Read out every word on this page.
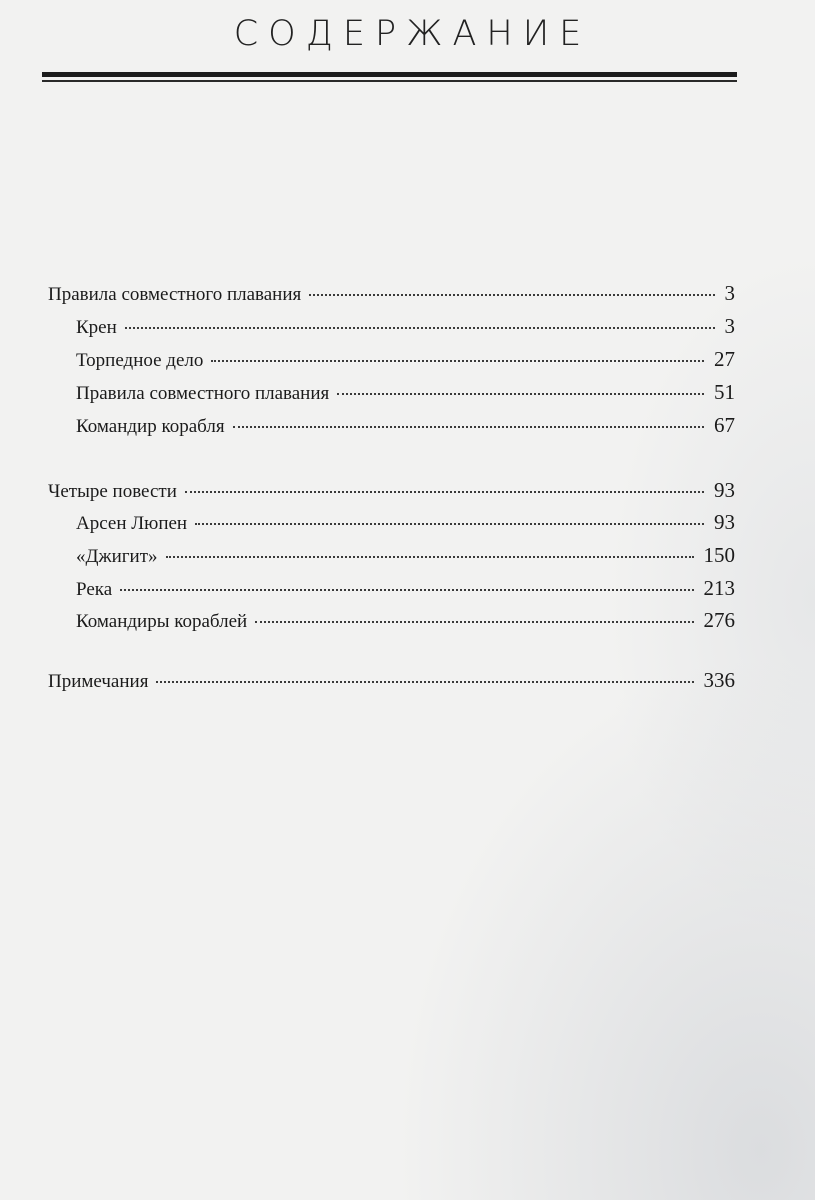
СОДЕРЖАНИЕ
Правила совместного плавания	3
Крен	3
Торпедное дело	27
Правила совместного плавания	51
Командир корабля	67
Четыре повести	93
Арсен Люпен	93
«Джигит»	150
Река	213
Командиры кораблей	276
Примечания	336
